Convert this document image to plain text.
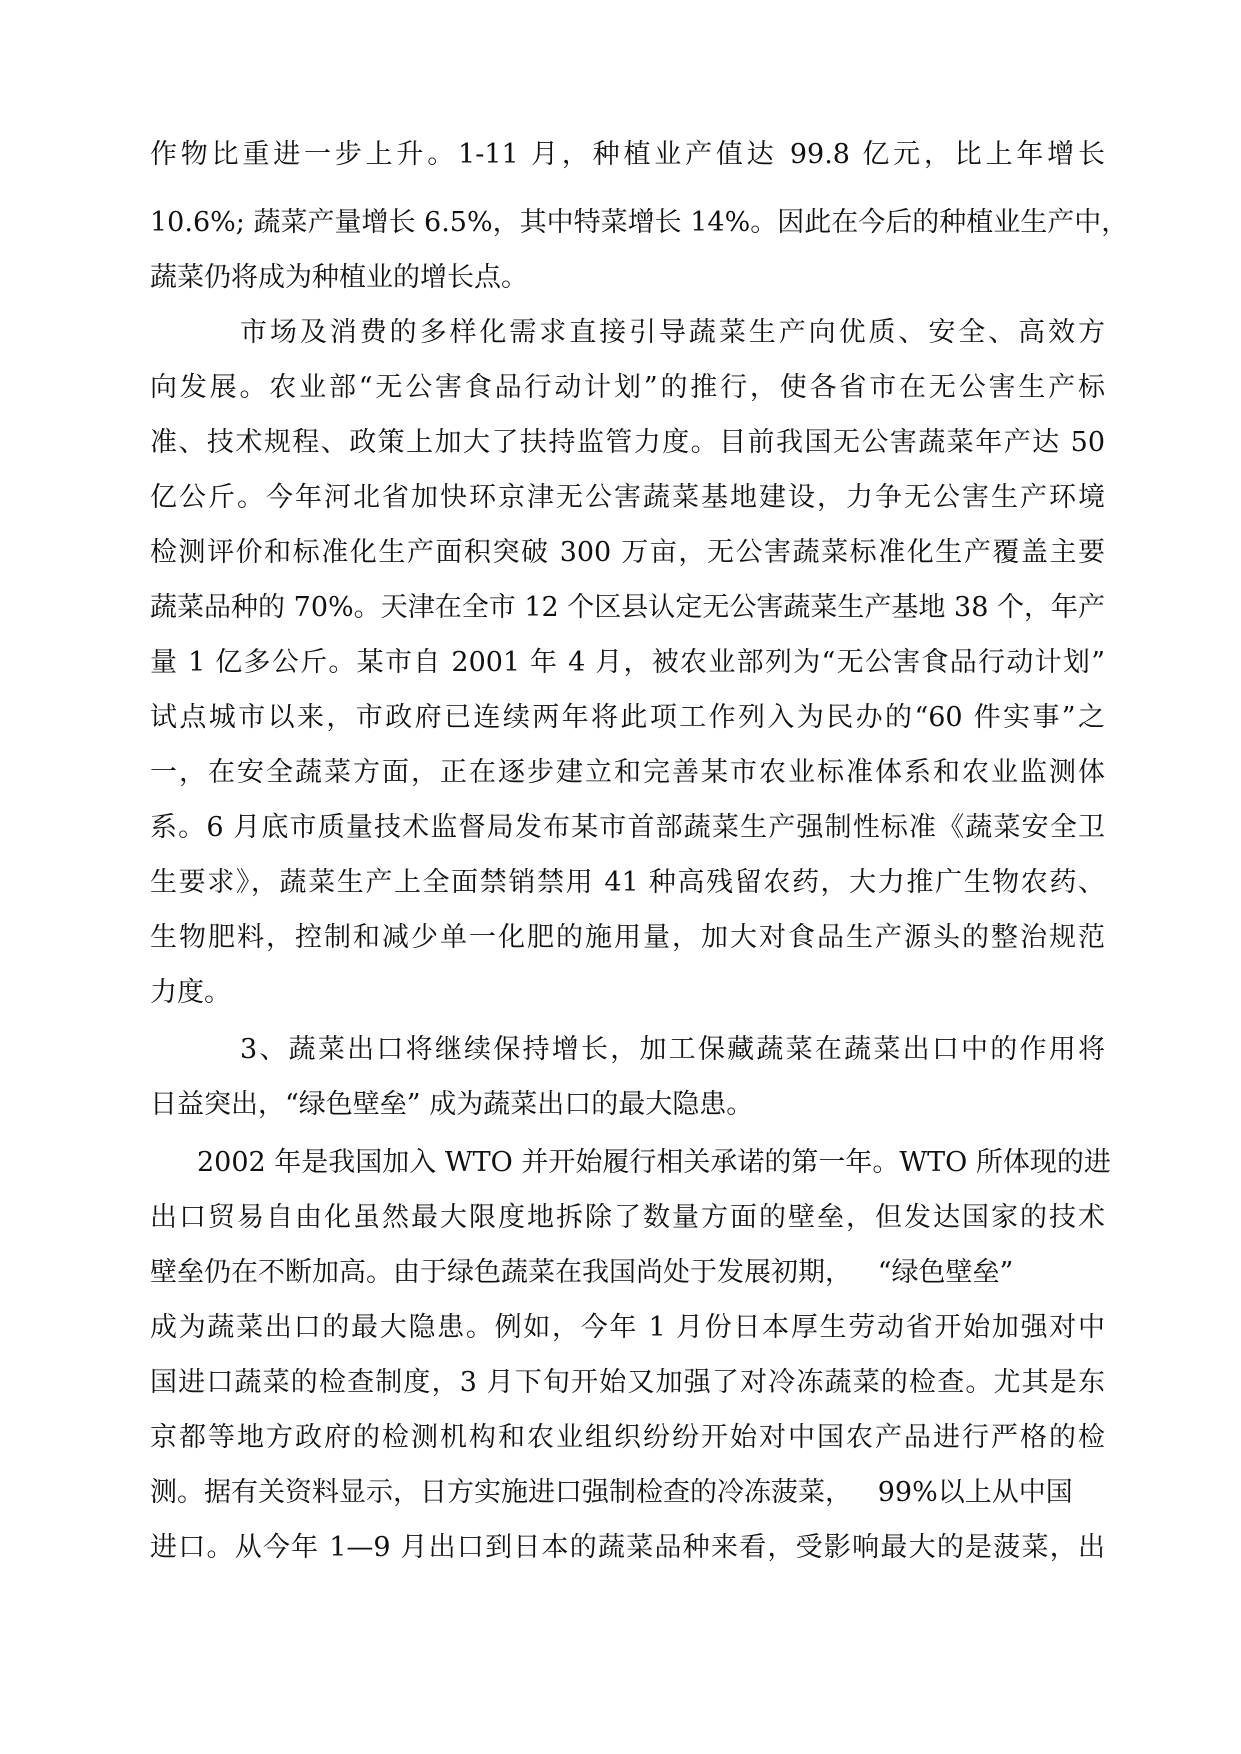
作物比重进一步上升。1-11 月，种植业产值达 99.8 亿元，比上年增长
10.6%; 蔬菜产量增长 6.5%，其中特菜增长 14%。因此在今后的种植业生产中，
蔬菜仍将成为种植业的增长点。
市场及消费的多样化需求直接引导蔬菜生产向优质、安全、高效方
向发展。农业部“无公害食品行动计划”的推行，使各省市在无公害生产标
准、技术规程、政策上加大了扶持监管力度。目前我国无公害蔬菜年产达 50
亿公斤。今年河北省加快环京津无公害蔬菜基地建设，力争无公害生产环境
检测评价和标准化生产面积突破 300 万亩，无公害蔬菜标准化生产覆盖主要
蔬菜品种的 70%。天津在全市 12 个区县认定无公害蔬菜生产基地 38 个，年产
量 1 亿多公斤。某市自 2001 年 4 月，被农业部列为“无公害食品行动计划”
试点城市以来，市政府已连续两年将此项工作列入为民办的“60 件实事”之
一，在安全蔬菜方面，正在逐步建立和完善某市农业标准体系和农业监测体
系。6 月底市质量技术监督局发布某市首部蔬菜生产强制性标准《蔬菜安全卫
生要求》，蔬菜生产上全面禁销禁用 41 种高残留农药，大力推广生物农药、
生物肥料，控制和减少单一化肥的施用量，加大对食品生产源头的整治规范
力度。
3、蔬菜出口将继续保持增长，加工保藏蔬菜在蔬菜出口中的作用将
日益突出，“绿色壁垒” 成为蔬菜出口的最大隐患。
2002 年是我国加入 WTO 并开始履行相关承诺的第一年。WTO 所体现的进
出口贸易自由化虽然最大限度地拆除了数量方面的壁垒，但发达国家的技术
壁垒仍在不断加高。由于绿色蔬菜在我国尚处于发展初期，   “绿色壁垒”
成为蔬菜出口的最大隐患。例如，今年 1 月份日本厚生劳动省开始加强对中
国进口蔬菜的检查制度，3 月下旬开始又加强了对冷冻蔬菜的检查。尤其是东
京都等地方政府的检测机构和农业组织纷纷开始对中国农产品进行严格的检
测。据有关资料显示，日方实施进口强制检查的冷冻菠菜，   99%以上从中国
进口。从今年 1—9 月出口到日本的蔬菜品种来看，受影响最大的是菠菜，出
